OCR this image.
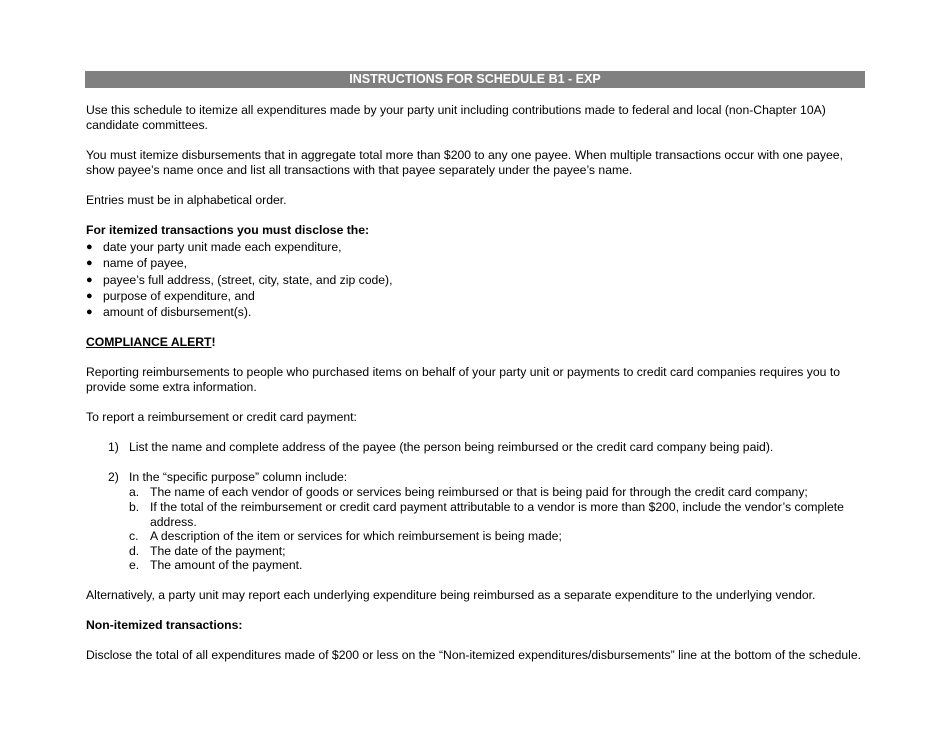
INSTRUCTIONS FOR SCHEDULE B1 - EXP

Use this schedule to itemize all expenditures made by your party unit including contributions made to federal and local (non-Chapter 10A) candidate committees.

You must itemize disbursements that in aggregate total more than $200 to any one payee. When multiple transactions occur with one payee, show payee’s name once and list all transactions with that payee separately under the payee’s name.

Entries must be in alphabetical order.

For itemized transactions you must disclose the:

● date your party unit made each expenditure,
● name of payee,
● payee’s full address, (street, city, state, and zip code),
● purpose of expenditure, and
● amount of disbursement(s).

COMPLIANCE ALERT!

Reporting reimbursements to people who purchased items on behalf of your party unit or payments to credit card companies requires you to provide some extra information.

To report a reimbursement or credit card payment:

1) List the name and complete address of the payee (the person being reimbursed or the credit card company being paid).
2) In the “specific purpose” column include:
a. The name of each vendor of goods or services being reimbursed or that is being paid for through the credit card company;
b. If the total of the reimbursement or credit card payment attributable to a vendor is more than $200, include the vendor’s complete address.
c. A description of the item or services for which reimbursement is being made;
d. The date of the payment;
e. The amount of the payment.

Alternatively, a party unit may report each underlying expenditure being reimbursed as a separate expenditure to the underlying vendor.

Non-itemized transactions:

Disclose the total of all expenditures made of $200 or less on the “Non-itemized expenditures/disbursements” line at the bottom of the schedule.
